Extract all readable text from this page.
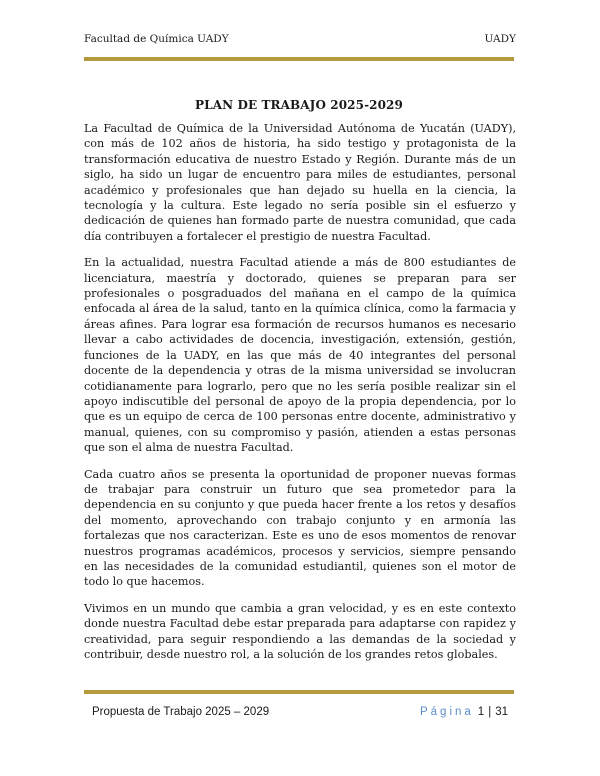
Facultad de Química UADY	UADY
PLAN DE TRABAJO 2025-2029

La Facultad de Química de la Universidad Autónoma de Yucatán (UADY), con más de 102 años de historia, ha sido testigo y protagonista de la transformación educativa de nuestro Estado y Región. Durante más de un siglo, ha sido un lugar de encuentro para miles de estudiantes, personal académico y profesionales que han dejado su huella en la ciencia, la tecnología y la cultura. Este legado no sería posible sin el esfuerzo y dedicación de quienes han formado parte de nuestra comunidad, que cada día contribuyen a fortalecer el prestigio de nuestra Facultad.

En la actualidad, nuestra Facultad atiende a más de 800 estudiantes de licenciatura, maestría y doctorado, quienes se preparan para ser profesionales o posgraduados del mañana en el campo de la química enfocada al área de la salud, tanto en la química clínica, como la farmacia y áreas afines. Para lograr esa formación de recursos humanos es necesario llevar a cabo actividades de docencia, investigación, extensión, gestión, funciones de la UADY, en las que más de 40 integrantes del personal docente de la dependencia y otras de la misma universidad se involucran cotidianamente para lograrlo, pero que no les sería posible realizar sin el apoyo indiscutible del personal de apoyo de la propia dependencia, por lo que es un equipo de cerca de 100 personas entre docente, administrativo y manual, quienes, con su compromiso y pasión, atienden a estas personas que son el alma de nuestra Facultad.

Cada cuatro años se presenta la oportunidad de proponer nuevas formas de trabajar para construir un futuro que sea prometedor para la dependencia en su conjunto y que pueda hacer frente a los retos y desafíos del momento, aprovechando con trabajo conjunto y en armonía las fortalezas que nos caracterizan. Este es uno de esos momentos de renovar nuestros programas académicos, procesos y servicios, siempre pensando en las necesidades de la comunidad estudiantil, quienes son el motor de todo lo que hacemos.

Vivimos en un mundo que cambia a gran velocidad, y es en este contexto donde nuestra Facultad debe estar preparada para adaptarse con rapidez y creatividad, para seguir respondiendo a las demandas de la sociedad y contribuir, desde nuestro rol, a la solución de los grandes retos globales.

Propuesta de Trabajo 2025 – 2029	Página 1 | 31
